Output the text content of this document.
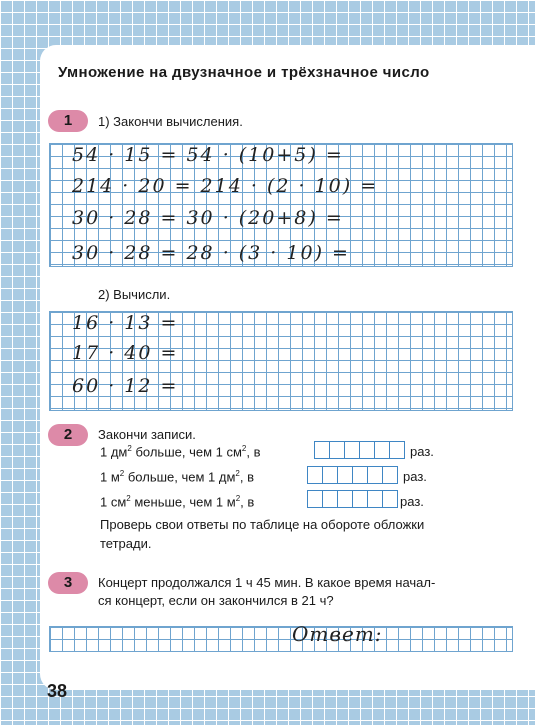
Умножение на двузначное и трёхзначное число
1	1) Закончи вычисления.
54 · 15 = 54 · (10+5) =
214 · 20 = 214 · (2 · 10) =
30 · 28 = 30 · (20+8) =
30 · 28 = 28 · (3 · 10) =
2) Вычисли.
16 · 13 =
17 · 40 =
60 · 12 =
2	Закончи записи.
1 $дм^2$ больше, чем 1 $см^2$, в	раз.
1 $м^2$ больше, чем 1 $дм^2$, в	раз.
1 $см^2$ меньше, чем 1 $м^2$, в	раз.
Проверь свои ответы по таблице на обороте обложки
тетради.
3	Концерт продолжался 1 ч 45 мин. В какое время начал-
ся концерт, если он закончился в 21 ч?
Ответ:
38
